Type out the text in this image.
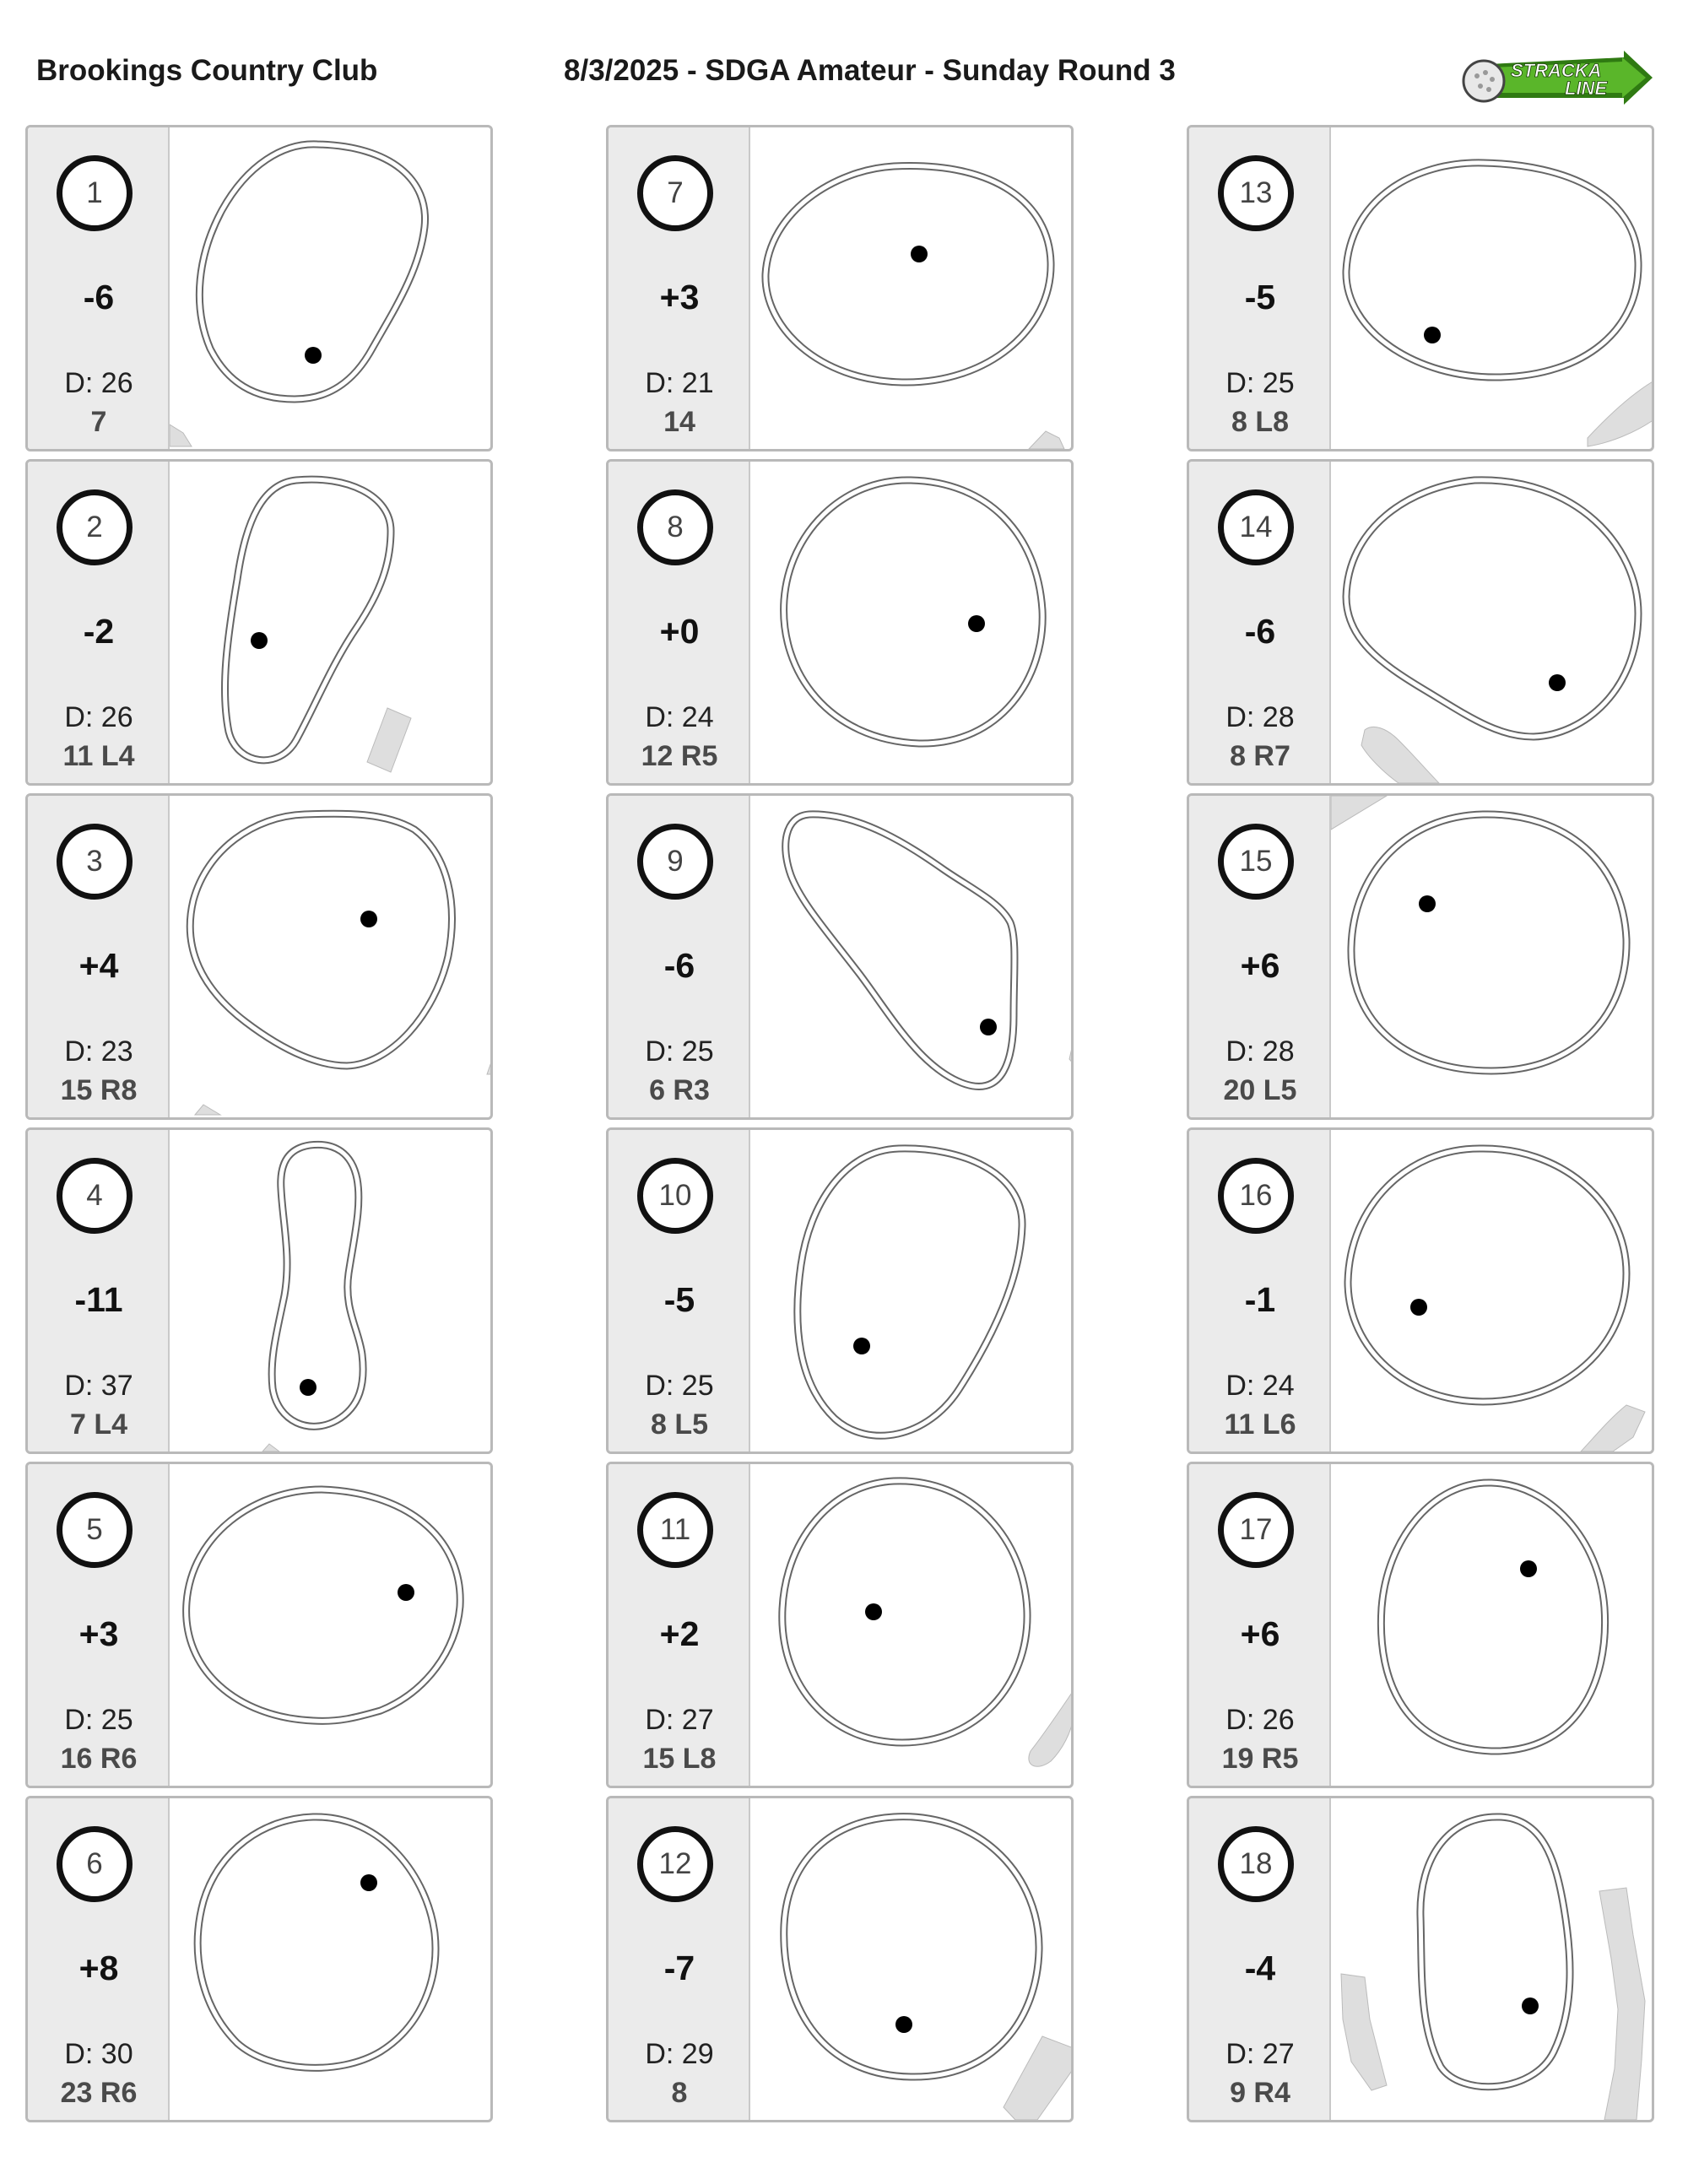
Brookings Country Club	8/3/2025 - SDGA Amateur - Sunday Round 3	STRACKA
LINE
1
-6
D: 26
7
2
-2
D: 26
11 L4
3
+4
D: 23
15 R8
4
-11
D: 37
7 L4
5
+3
D: 25
16 R6
6
+8
D: 30
23 R6
7
+3
D: 21
14
8
+0
D: 24
12 R5
9
-6
D: 25
6 R3
10
-5
D: 25
8 L5
11
+2
D: 27
15 L8
12
-7
D: 29
8
13
-5
D: 25
8 L8
14
-6
D: 28
8 R7
15
+6
D: 28
20 L5
16
-1
D: 24
11 L6
17
+6
D: 26
19 R5
18
-4
D: 27
9 R4
